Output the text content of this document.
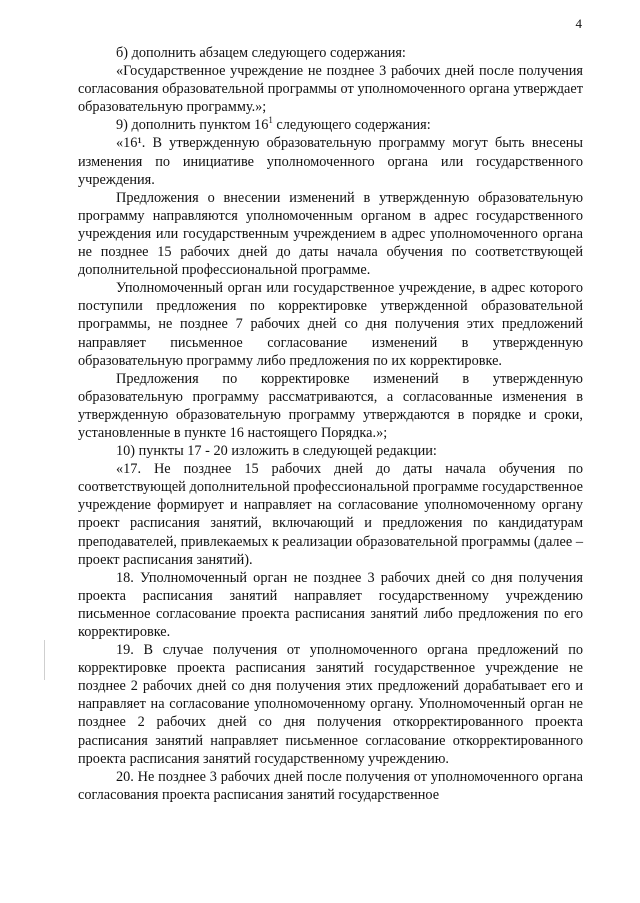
4

б) дополнить абзацем следующего содержания:

«Государственное учреждение не позднее 3 рабочих дней после получения согласования образовательной программы от уполномоченного органа утверждает образовательную программу.»;

9) дополнить пунктом $16^1$ следующего содержания:

«16¹. В утвержденную образовательную программу могут быть внесены изменения по инициативе уполномоченного органа или государственного учреждения.

Предложения о внесении изменений в утвержденную образовательную программу направляются уполномоченным органом в адрес государственного учреждения или государственным учреждением в адрес уполномоченного органа не позднее 15 рабочих дней до даты начала обучения по соответствующей дополнительной профессиональной программе.

Уполномоченный орган или государственное учреждение, в адрес которого поступили предложения по корректировке утвержденной образовательной программы, не позднее 7 рабочих дней со дня получения этих предложений направляет письменное согласование изменений в утвержденную образовательную программу либо предложения по их корректировке.

Предложения по корректировке изменений в утвержденную образовательную программу рассматриваются, а согласованные изменения в утвержденную образовательную программу утверждаются в порядке и сроки, установленные в пункте 16 настоящего Порядка.»;

10) пункты 17 - 20 изложить в следующей редакции:

«17. Не позднее 15 рабочих дней до даты начала обучения по соответствующей дополнительной профессиональной программе государственное учреждение формирует и направляет на согласование уполномоченному органу проект расписания занятий, включающий и предложения по кандидатурам преподавателей, привлекаемых к реализации образовательной программы (далее – проект расписания занятий).

18. Уполномоченный орган не позднее 3 рабочих дней со дня получения проекта расписания занятий направляет государственному учреждению письменное согласование проекта расписания занятий либо предложения по его корректировке.

19. В случае получения от уполномоченного органа предложений по корректировке проекта расписания занятий государственное учреждение не позднее 2 рабочих дней со дня получения этих предложений дорабатывает его и направляет на согласование уполномоченному органу. Уполномоченный орган не позднее 2 рабочих дней со дня получения откорректированного проекта расписания занятий направляет письменное согласование откорректированного проекта расписания занятий государственному учреждению.

20. Не позднее 3 рабочих дней после получения от уполномоченного органа согласования проекта расписания занятий государственное
